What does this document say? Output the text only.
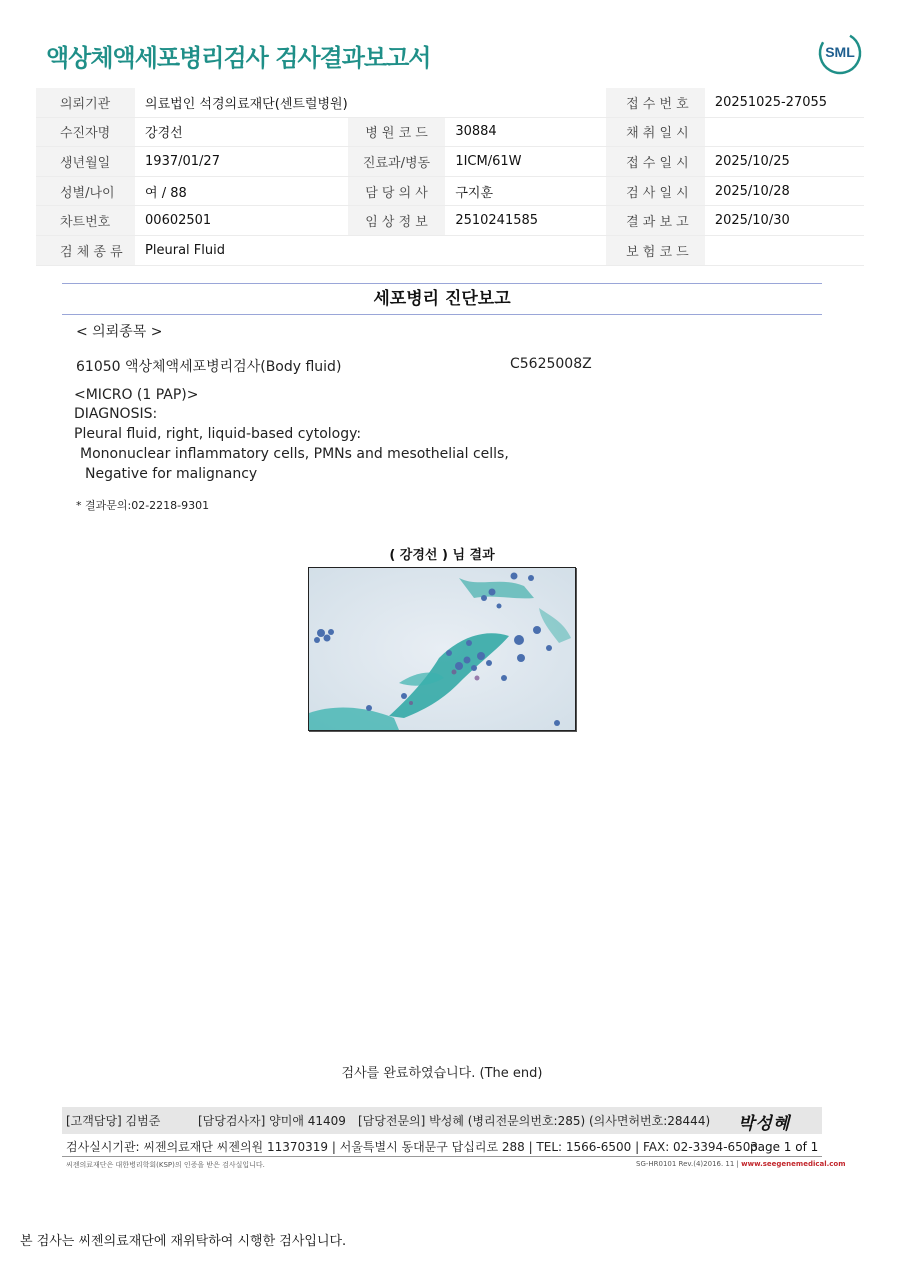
액상체액세포병리검사 검사결과보고서	SML
의뢰기관	의료법인 석경의료재단(센트럴병원)			접 수 번 호	20251025-27055
수진자명	강경선	병 원 코 드	30884	채 취 일 시	
생년월일	1937/01/27	진료과/병동	1ICM/61W	접 수 일 시	2025/10/25
성별/나이	여 / 88	담 당 의 사	구지훈	검 사 일 시	2025/10/28
차트번호	00602501	임 상 정 보	2510241585	결 과 보 고	2025/10/30
검 체 종 류	Pleural Fluid			보 험 코 드	
세포병리 진단보고
< 의뢰종목 >
61050 액상체액세포병리검사(Body fluid)	C5625008Z
<MICRO (1 PAP)>
DIAGNOSIS:
Pleural fluid, right, liquid-based cytology:
Mononuclear inflammatory cells, PMNs and mesothelial cells,
Negative for malignancy
* 결과문의:02-2218-9301
( 강경선 ) 님 결과
검사를 완료하였습니다. (The end)
[고객담당] 김범준	[담당검사자] 양미애 41409 [담당전문의] 박성혜 (병리전문의번호:285) (의사면허번호:28444) 박성혜
검사실시기관: 씨젠의료재단 씨젠의원 11370319 | 서울특별시 동대문구 답십리로 288 | TEL: 1566-6500 | FAX: 02-3394-6503
page 1 of 1
씨젠의료재단은 대한병리학회(KSP)의 인증을 받은 검사실입니다.	SG-HR0101 Rev.(4)2016. 11 | www.seegenemedical.com
본 검사는 씨젠의료재단에 재위탁하여 시행한 검사입니다.
